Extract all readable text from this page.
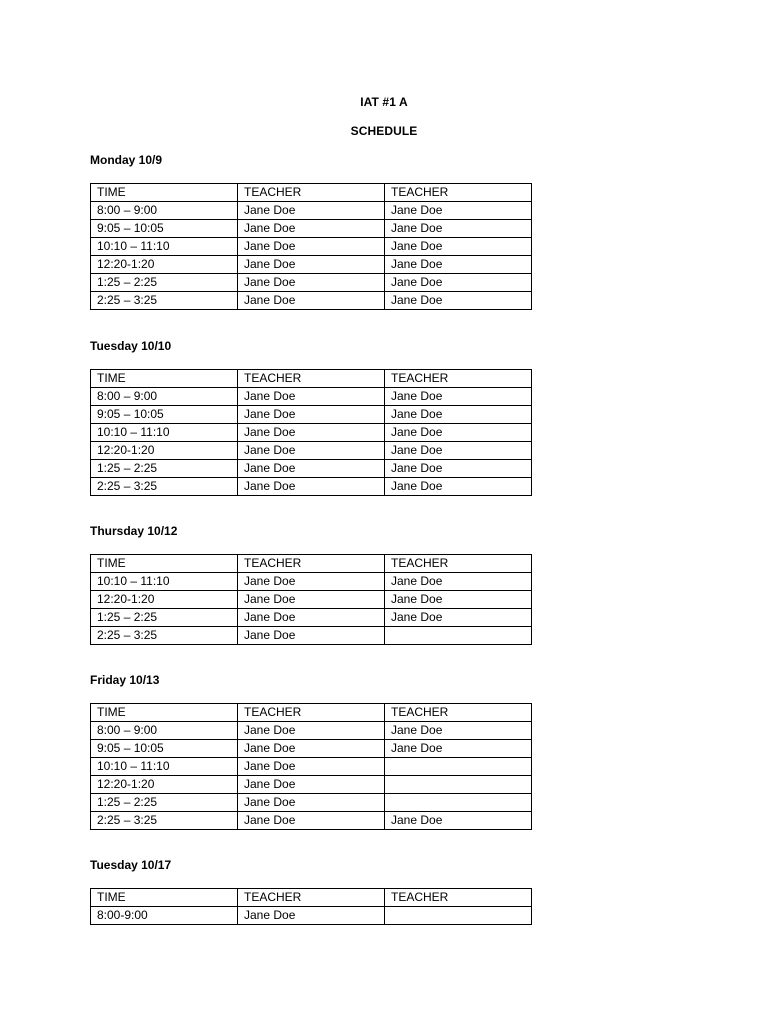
IAT #1 A
SCHEDULE
Monday 10/9
TIME	TEACHER	TEACHER
8:00 – 9:00	Jane Doe	Jane Doe
9:05 – 10:05	Jane Doe	Jane Doe
10:10 – 11:10	Jane Doe	Jane Doe
12:20-1:20	Jane Doe	Jane Doe
1:25 – 2:25	Jane Doe	Jane Doe
2:25 – 3:25	Jane Doe	Jane Doe
Tuesday 10/10
TIME	TEACHER	TEACHER
8:00 – 9:00	Jane Doe	Jane Doe
9:05 – 10:05	Jane Doe	Jane Doe
10:10 – 11:10	Jane Doe	Jane Doe
12:20-1:20	Jane Doe	Jane Doe
1:25 – 2:25	Jane Doe	Jane Doe
2:25 – 3:25	Jane Doe	Jane Doe
Thursday 10/12
TIME	TEACHER	TEACHER
10:10 – 11:10	Jane Doe	Jane Doe
12:20-1:20	Jane Doe	Jane Doe
1:25 – 2:25	Jane Doe	Jane Doe
2:25 – 3:25	Jane Doe	
Friday 10/13
TIME	TEACHER	TEACHER
8:00 – 9:00	Jane Doe	Jane Doe
9:05 – 10:05	Jane Doe	Jane Doe
10:10 – 11:10	Jane Doe	
12:20-1:20	Jane Doe	
1:25 – 2:25	Jane Doe	
2:25 – 3:25	Jane Doe	Jane Doe
Tuesday 10/17
TIME	TEACHER	TEACHER
8:00-9:00	Jane Doe	
